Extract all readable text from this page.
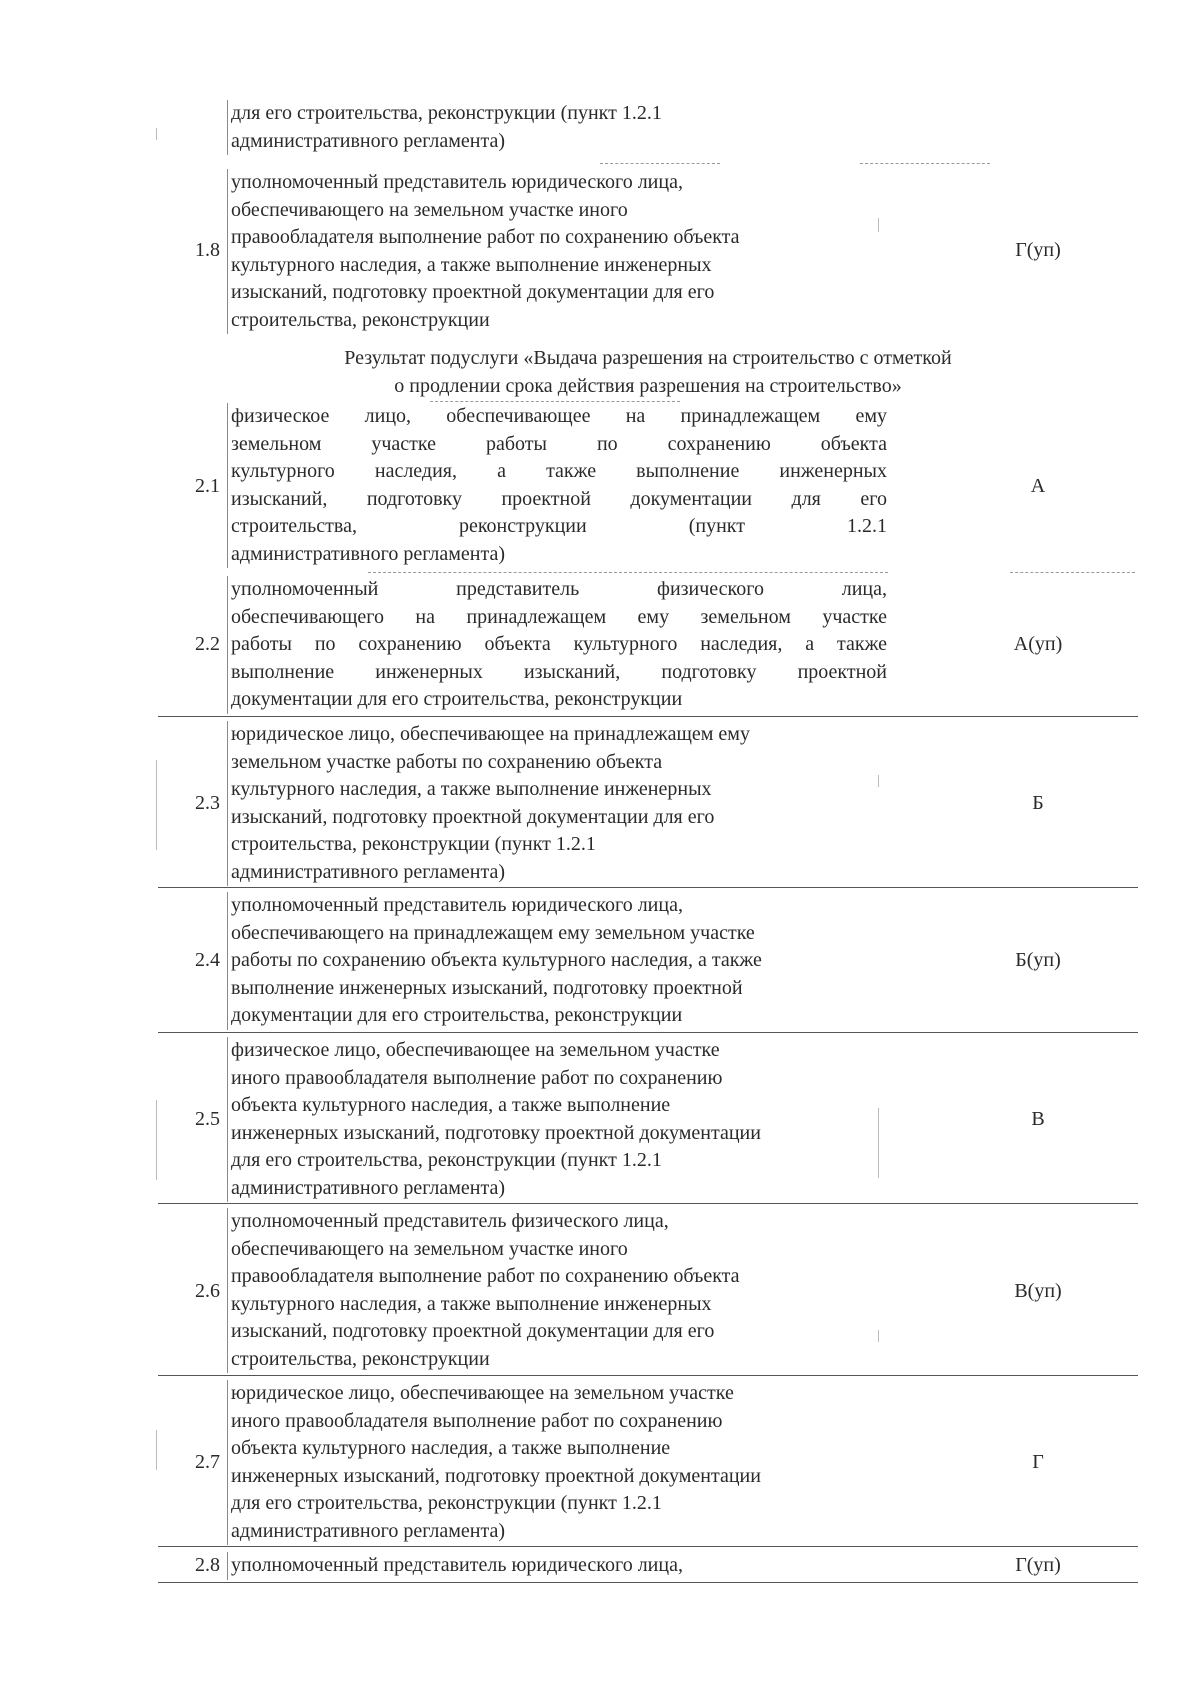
для его строительства, реконструкции (пункт 1.2.1
административного регламента)
1.8
уполномоченный представитель юридического лица,
обеспечивающего на земельном участке иного
правообладателя выполнение работ по сохранению объекта
культурного наследия, а также выполнение инженерных
изысканий, подготовку проектной документации для его
строительства, реконструкции
Г(уп)
Результат подуслуги «Выдача разрешения на строительство с отметкой
о продлении срока действия разрешения на строительство»
2.1
физическое лицо, обеспечивающее на принадлежащем ему
земельном участке работы по сохранению объекта
культурного наследия, а также выполнение инженерных
изысканий, подготовку проектной документации для его
строительства, реконструкции (пункт 1.2.1
административного регламента)
А
2.2
уполномоченный представитель физического лица,
обеспечивающего на принадлежащем ему земельном участке
работы по сохранению объекта культурного наследия, а также
выполнение инженерных изысканий, подготовку проектной
документации для его строительства, реконструкции
А(уп)
2.3
юридическое лицо, обеспечивающее на принадлежащем ему
земельном участке работы по сохранению объекта
культурного наследия, а также выполнение инженерных
изысканий, подготовку проектной документации для его
строительства, реконструкции (пункт 1.2.1
административного регламента)
Б
2.4
уполномоченный представитель юридического лица,
обеспечивающего на принадлежащем ему земельном участке
работы по сохранению объекта культурного наследия, а также
выполнение инженерных изысканий, подготовку проектной
документации для его строительства, реконструкции
Б(уп)
2.5
физическое лицо, обеспечивающее на земельном участке
иного правообладателя выполнение работ по сохранению
объекта культурного наследия, а также выполнение
инженерных изысканий, подготовку проектной документации
для его строительства, реконструкции (пункт 1.2.1
административного регламента)
В
2.6
уполномоченный представитель физического лица,
обеспечивающего на земельном участке иного
правообладателя выполнение работ по сохранению объекта
культурного наследия, а также выполнение инженерных
изысканий, подготовку проектной документации для его
строительства, реконструкции
В(уп)
2.7
юридическое лицо, обеспечивающее на земельном участке
иного правообладателя выполнение работ по сохранению
объекта культурного наследия, а также выполнение
инженерных изысканий, подготовку проектной документации
для его строительства, реконструкции (пункт 1.2.1
административного регламента)
Г
2.8 уполномоченный представитель юридического лица,	Г(уп)
